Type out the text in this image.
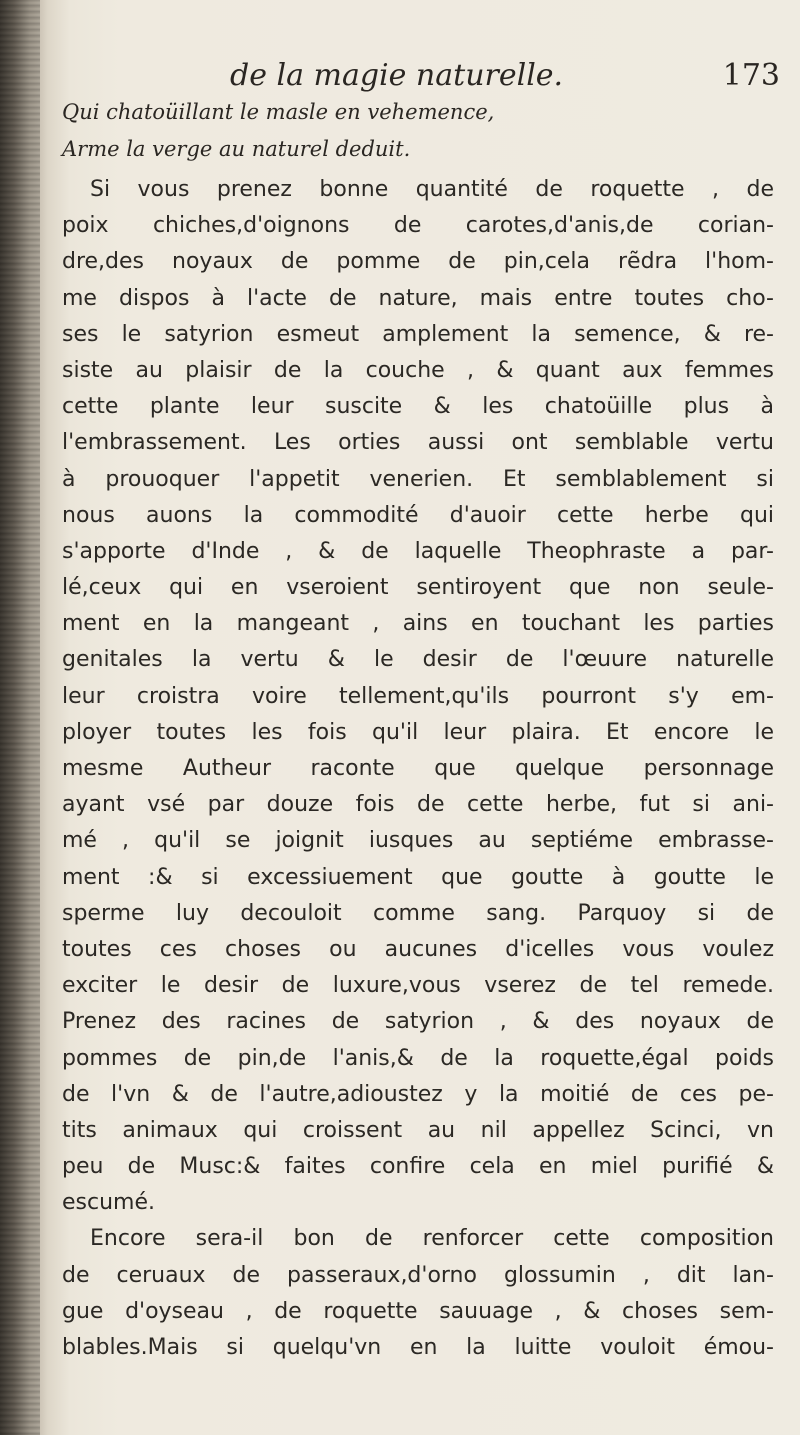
de la magie naturelle.	173
Qui chatoüillant le masle en vehemence,
Arme la verge au naturel deduit.
Si vous prenez bonne quantité de roquette , de
poix chiches,d'oignons de carotes,d'anis,de corian-
dre,des noyaux de pomme de pin,cela rẽdra l'hom-
me dispos à l'acte de nature, mais entre toutes cho-
ses le satyrion esmeut amplement la semence, & re-
siste au plaisir de la couche , & quant aux femmes
cette plante leur suscite & les chatoüille plus à
l'embrassement. Les orties aussi ont semblable vertu
à prouoquer l'appetit venerien. Et semblablement si
nous auons la commodité d'auoir cette herbe qui
s'apporte d'Inde , & de laquelle Theophraste a par-
lé,ceux qui en vseroient sentiroyent que non seule-
ment en la mangeant , ains en touchant les parties
genitales la vertu & le desir de l'œuure naturelle
leur croistra voire tellement,qu'ils pourront s'y em-
ployer toutes les fois qu'il leur plaira. Et encore le
mesme Autheur raconte que quelque personnage
ayant vsé par douze fois de cette herbe, fut si ani-
mé , qu'il se joignit iusques au septiéme embrasse-
ment :& si excessiuement que goutte à goutte le
sperme luy decouloit comme sang. Parquoy si de
toutes ces choses ou aucunes d'icelles vous voulez
exciter le desir de luxure,vous vserez de tel remede.
Prenez des racines de satyrion , & des noyaux de
pommes de pin,de l'anis,& de la roquette,égal poids
de l'vn & de l'autre,adioustez y la moitié de ces pe-
tits animaux qui croissent au nil appellez Scinci, vn
peu de Musc:& faites confire cela en miel purifié &
escumé.
Encore sera-il bon de renforcer cette composition
de ceruaux de passeraux,d'orno glossumin , dit lan-
gue d'oyseau , de roquette sauuage , & choses sem-
blables.Mais si quelqu'vn en la luitte vouloit émou-
